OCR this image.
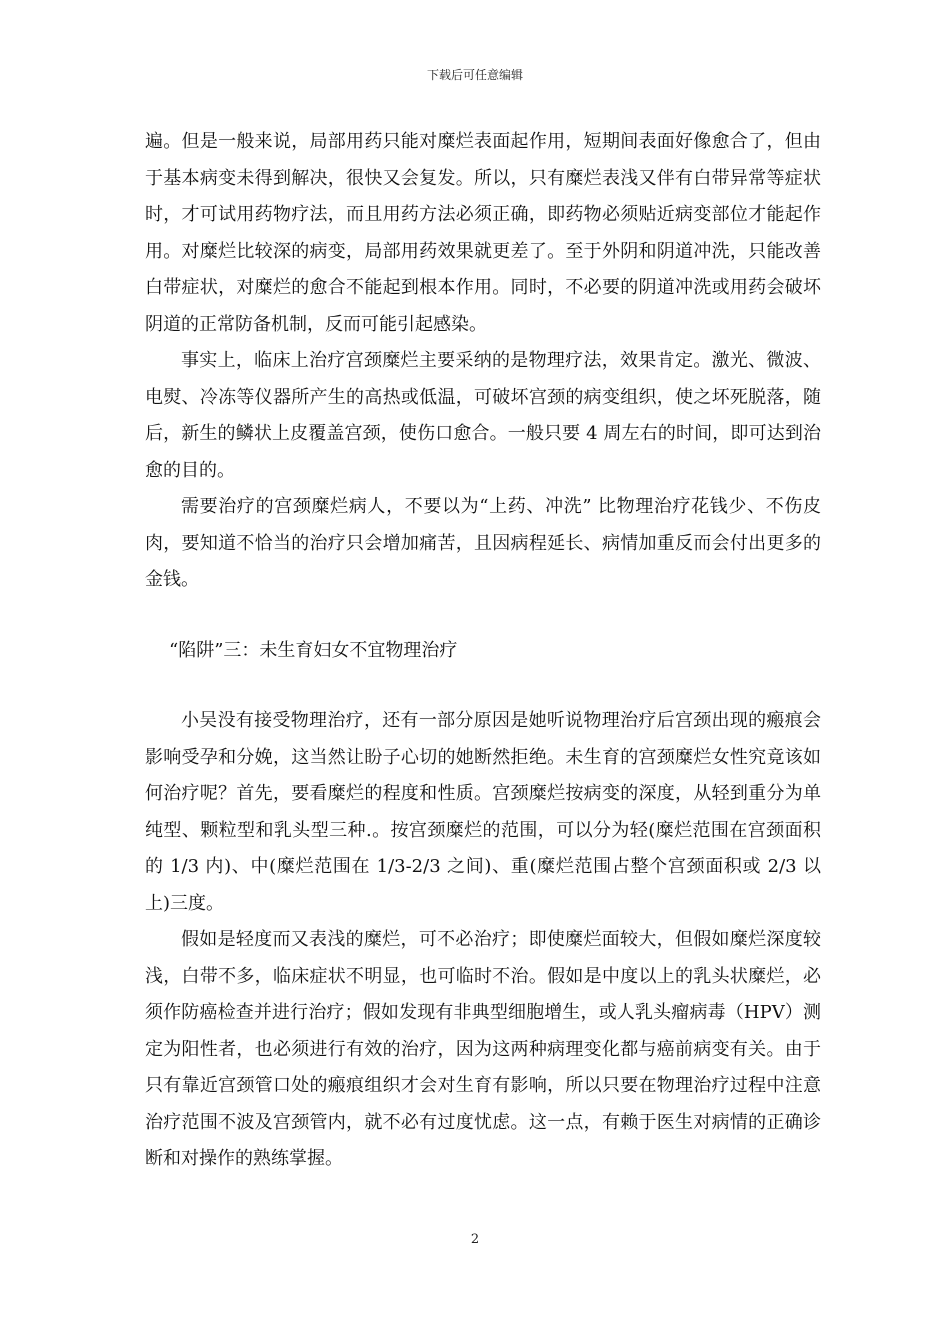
下载后可任意编辑

遍。但是一般来说，局部用药只能对糜烂表面起作用，短期间表面好像愈合了，但由于基本病变未得到解决，很快又会复发。所以，只有糜烂表浅又伴有白带异常等症状时，才可试用药物疗法，而且用药方法必须正确，即药物必须贴近病变部位才能起作用。对糜烂比较深的病变，局部用药效果就更差了。至于外阴和阴道冲洗，只能改善白带症状，对糜烂的愈合不能起到根本作用。同时，不必要的阴道冲洗或用药会破坏阴道的正常防备机制，反而可能引起感染。

事实上，临床上治疗宫颈糜烂主要采纳的是物理疗法，效果肯定。激光、微波、电熨、冷冻等仪器所产生的高热或低温，可破坏宫颈的病变组织，使之坏死脱落，随后，新生的鳞状上皮覆盖宫颈，使伤口愈合。一般只要 4 周左右的时间，即可达到治愈的目的。

需要治疗的宫颈糜烂病人，不要以为“上药、冲洗” 比物理治疗花钱少、不伤皮肉，要知道不恰当的治疗只会增加痛苦，且因病程延长、病情加重反而会付出更多的金钱。

“陷阱”三：未生育妇女不宜物理治疗

小吴没有接受物理治疗，还有一部分原因是她听说物理治疗后宫颈出现的瘢痕会影响受孕和分娩，这当然让盼子心切的她断然拒绝。未生育的宫颈糜烂女性究竟该如何治疗呢？首先，要看糜烂的程度和性质。宫颈糜烂按病变的深度，从轻到重分为单纯型、颗粒型和乳头型三种.。按宫颈糜烂的范围，可以分为轻(糜烂范围在宫颈面积的 1/3 内)、中(糜烂范围在 1/3-2/3 之间)、重(糜烂范围占整个宫颈面积或 2/3 以上)三度。

假如是轻度而又表浅的糜烂，可不必治疗；即使糜烂面较大，但假如糜烂深度较浅，白带不多，临床症状不明显，也可临时不治。假如是中度以上的乳头状糜烂，必须作防癌检查并进行治疗；假如发现有非典型细胞增生，或人乳头瘤病毒（HPV）测定为阳性者，也必须进行有效的治疗，因为这两种病理变化都与癌前病变有关。由于只有靠近宫颈管口处的瘢痕组织才会对生育有影响，所以只要在物理治疗过程中注意治疗范围不波及宫颈管内，就不必有过度忧虑。这一点，有赖于医生对病情的正确诊断和对操作的熟练掌握。

2
